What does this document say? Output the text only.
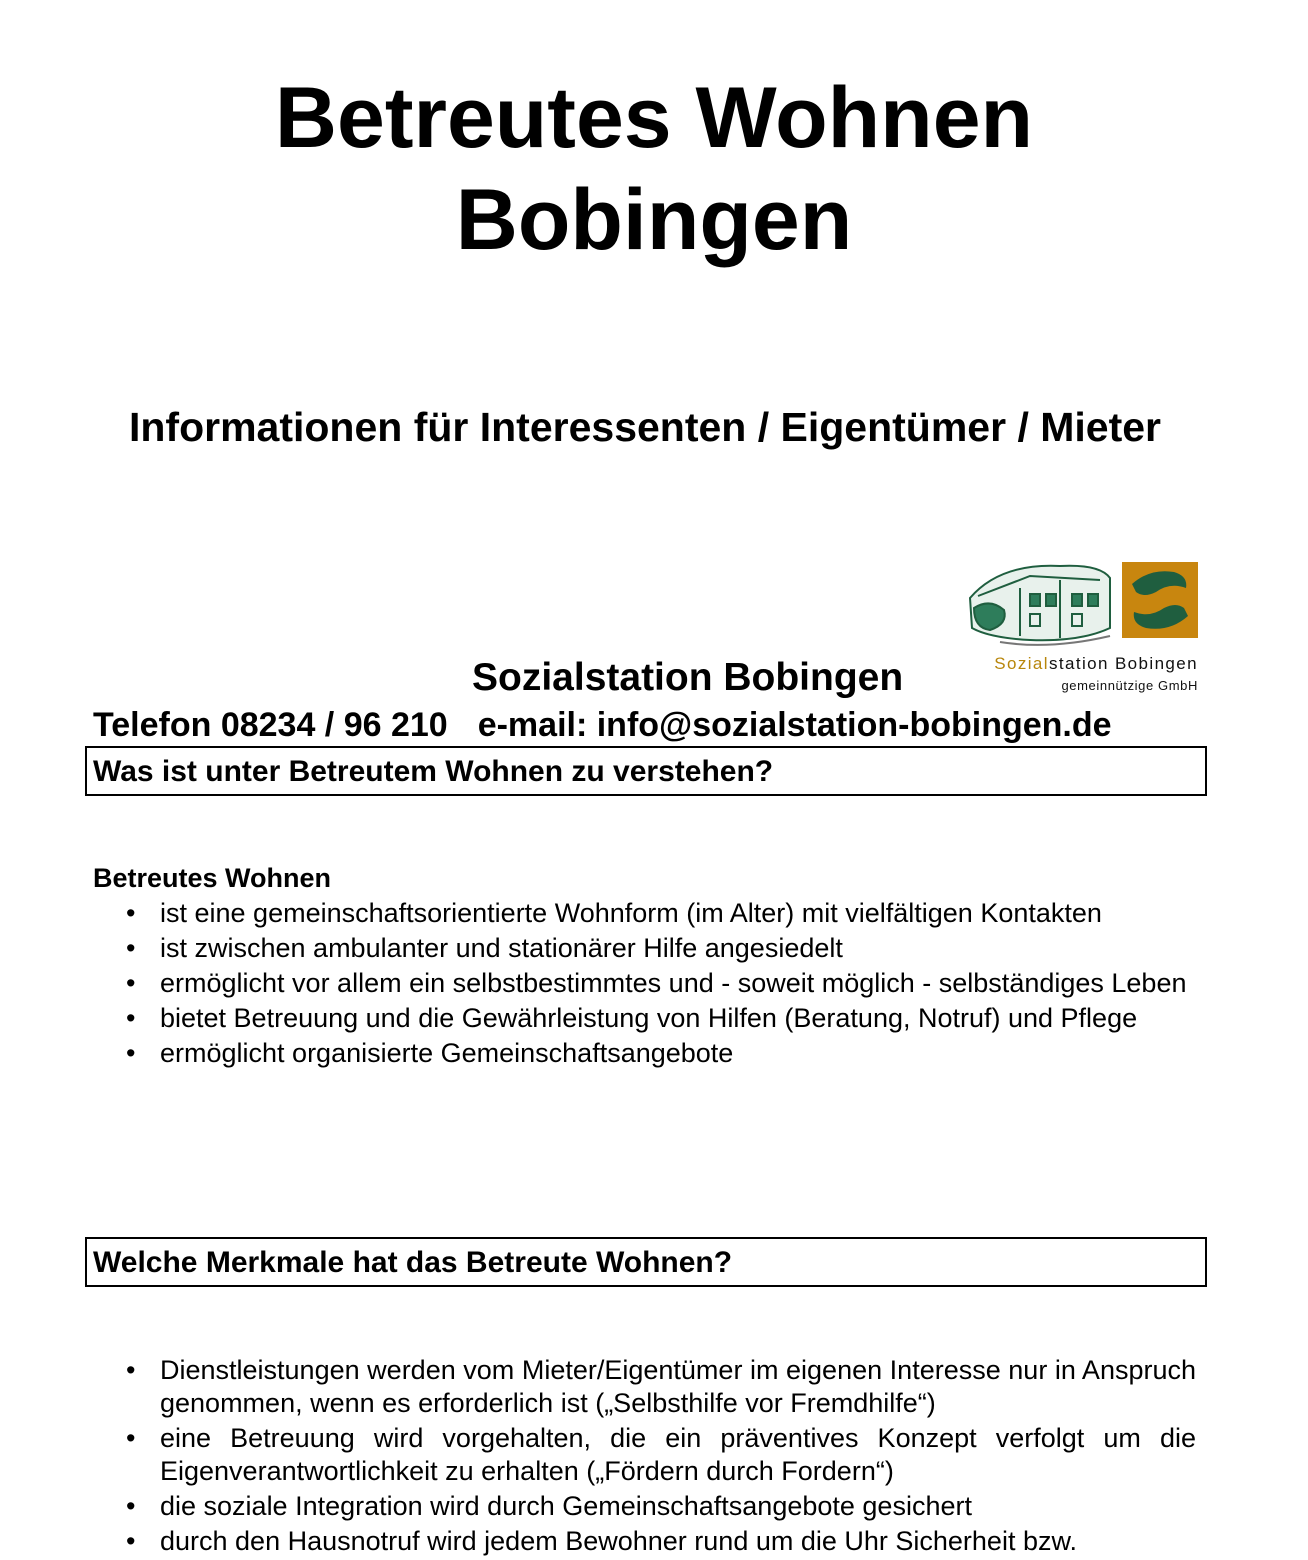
Betreutes Wohnen
Bobingen
Informationen für Interessenten / Eigentümer / Mieter
Sozialstation Bobingen
gemeinnützige GmbH
Sozialstation Bobingen
Telefon 08234 / 96 210 e-mail: info@sozialstation-bobingen.de
Was ist unter Betreutem Wohnen zu verstehen?
Betreutes Wohnen
• ist eine gemeinschaftsorientierte Wohnform (im Alter) mit vielfältigen Kontakten
• ist zwischen ambulanter und stationärer Hilfe angesiedelt
• ermöglicht vor allem ein selbstbestimmtes und - soweit möglich - selbständiges Leben
• bietet Betreuung und die Gewährleistung von Hilfen (Beratung, Notruf) und Pflege
• ermöglicht organisierte Gemeinschaftsangebote
Welche Merkmale hat das Betreute Wohnen?
• Dienstleistungen werden vom Mieter/Eigentümer im eigenen Interesse nur in Anspruch genommen, wenn es erforderlich ist („Selbsthilfe vor Fremdhilfe“)
• eine Betreuung wird vorgehalten, die ein präventives Konzept verfolgt um die Eigenverantwortlichkeit zu erhalten („Fördern durch Fordern“)
• die soziale Integration wird durch Gemeinschaftsangebote gesichert
• durch den Hausnotruf wird jedem Bewohner rund um die Uhr Sicherheit bzw.
